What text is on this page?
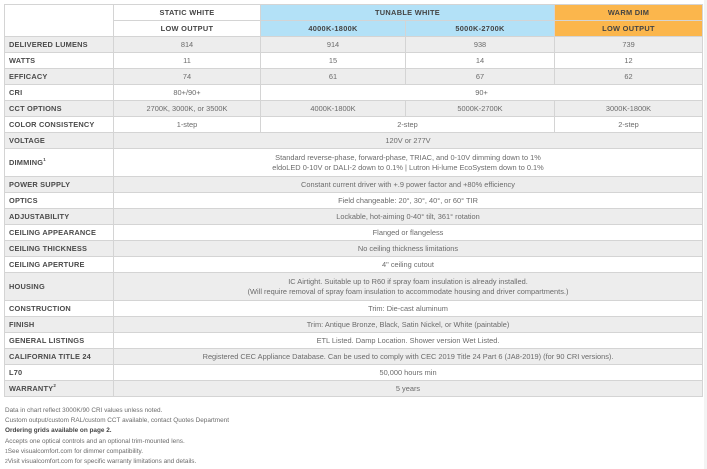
	STATIC WHITE	TUNABLE WHITE		WARM DIM
	LOW OUTPUT	4000K-1800K	5000K-2700K	LOW OUTPUT
DELIVERED LUMENS	814	914	938	739
WATTS	11	15	14	12
EFFICACY	74	61	67	62
CRI	80+/90+	90+		
CCT OPTIONS	2700K, 3000K, or 3500K	4000K-1800K	5000K-2700K	3000K-1800K
COLOR CONSISTENCY	1-step	2-step		2-step
VOLTAGE	120V or 277V			
DIMMING$^1$	Standard reverse-phase, forward-phase, TRIAC, and 0-10V dimming down to 1%
eldoLED 0-10V or DALI-2 down to 0.1% | Lutron Hi-lume EcoSystem down to 0.1%			

POWER SUPPLY	Constant current driver with +.9 power factor and +80% efficiency			
OPTICS	Field changeable: 20°, 30°, 40°, or 60° TIR			
ADJUSTABILITY	Lockable, hot-aiming 0-40° tilt, 361° rotation			
CEILING APPEARANCE	Flanged or flangeless			
CEILING THICKNESS	No ceiling thickness limitations			
CEILING APERTURE	4" ceiling cutout			
HOUSING	IC Airtight. Suitable up to R60 if spray foam insulation is already installed.
(Will require removal of spray foam insulation to accommodate housing and driver compartments.)			

CONSTRUCTION	Trim: Die-cast aluminum			
FINISH	Trim: Antique Bronze, Black, Satin Nickel, or White (paintable)			
GENERAL LISTINGS	ETL Listed. Damp Location. Shower version Wet Listed.			
CALIFORNIA TITLE 24	Registered CEC Appliance Database. Can be used to comply with CEC 2019 Title 24 Part 6 (JA8-2019) (for 90 CRI versions).			
L70	50,000 hours min			
WARRANTY$^2$	5 years			
Data in chart reflect 3000K/90 CRI values unless noted.
Custom output/custom RAL/custom CCT available, contact Quotes Department
Ordering grids available on page 2.
Accepts one optical controls and an optional trim-mounted lens.
$^1$See visualcomfort.com for dimmer compatibility.
$^2$Visit visualcomfort.com for specific warranty limitations and details.
